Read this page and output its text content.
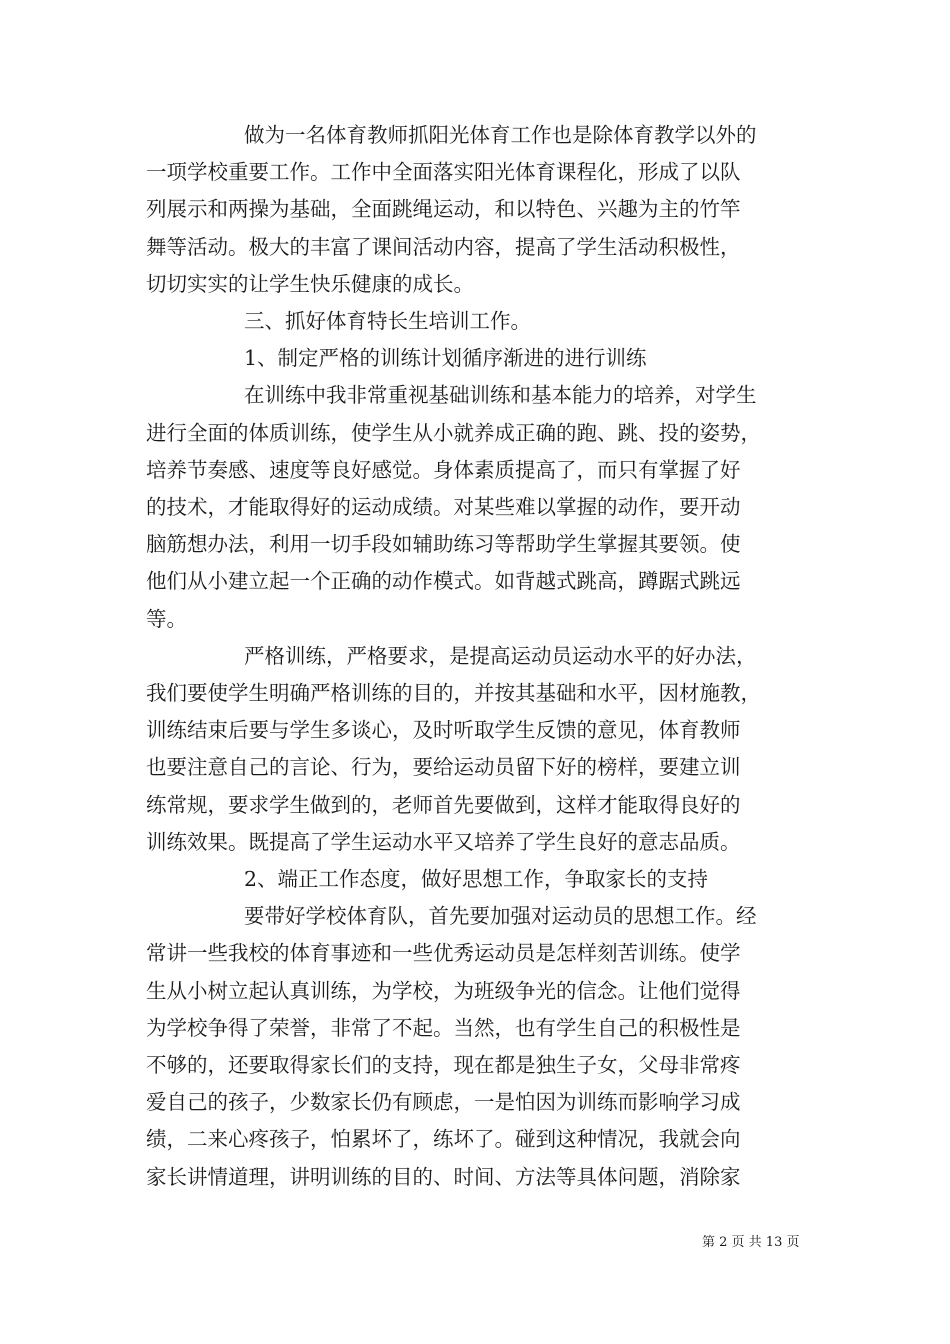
做为一名体育教师抓阳光体育工作也是除体育教学以外的
一项学校重要工作。工作中全面落实阳光体育课程化，形成了以队
列展示和两操为基础，全面跳绳运动，和以特色、兴趣为主的竹竿
舞等活动。极大的丰富了课间活动内容，提高了学生活动积极性，
切切实实的让学生快乐健康的成长。
三、抓好体育特长生培训工作。
1、制定严格的训练计划循序渐进的进行训练
在训练中我非常重视基础训练和基本能力的培养，对学生
进行全面的体质训练，使学生从小就养成正确的跑、跳、投的姿势，
培养节奏感、速度等良好感觉。身体素质提高了，而只有掌握了好
的技术，才能取得好的运动成绩。对某些难以掌握的动作，要开动
脑筋想办法，利用一切手段如辅助练习等帮助学生掌握其要领。使
他们从小建立起一个正确的动作模式。如背越式跳高，蹲踞式跳远
等。
严格训练，严格要求，是提高运动员运动水平的好办法，
我们要使学生明确严格训练的目的，并按其基础和水平，因材施教，
训练结束后要与学生多谈心，及时听取学生反馈的意见，体育教师
也要注意自己的言论、行为，要给运动员留下好的榜样，要建立训
练常规，要求学生做到的，老师首先要做到，这样才能取得良好的
训练效果。既提高了学生运动水平又培养了学生良好的意志品质。
2、端正工作态度，做好思想工作，争取家长的支持
要带好学校体育队，首先要加强对运动员的思想工作。经
常讲一些我校的体育事迹和一些优秀运动员是怎样刻苦训练。使学
生从小树立起认真训练，为学校，为班级争光的信念。让他们觉得
为学校争得了荣誉，非常了不起。当然，也有学生自己的积极性是
不够的，还要取得家长们的支持，现在都是独生子女，父母非常疼
爱自己的孩子，少数家长仍有顾虑，一是怕因为训练而影响学习成
绩，二来心疼孩子，怕累坏了，练坏了。碰到这种情况，我就会向
家长讲情道理，讲明训练的目的、时间、方法等具体问题，消除家
第 2 页 共 13 页
